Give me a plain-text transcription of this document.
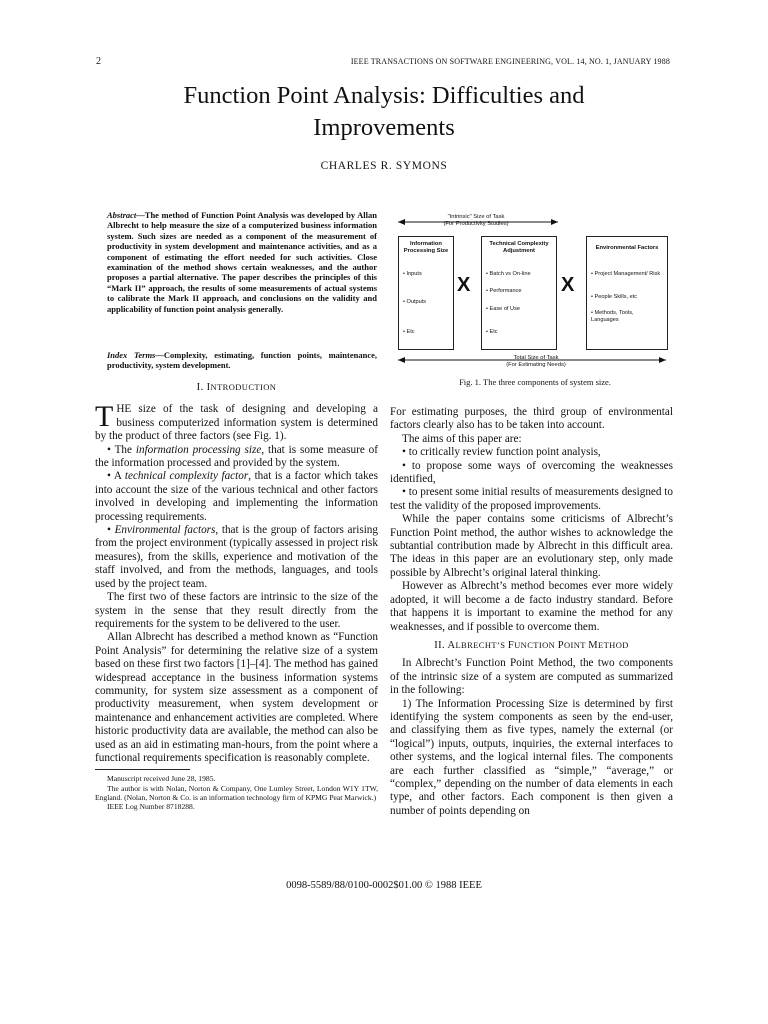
2	IEEE TRANSACTIONS ON SOFTWARE ENGINEERING, VOL. 14, NO. 1, JANUARY 1988
Function Point Analysis: Difficulties and
Improvements
CHARLES R. SYMONS
Abstract—The method of Function Point Analysis was developed by Allan Albrecht to help measure the size of a computerized business information system. Such sizes are needed as a component of the measurement of productivity in system development and maintenance activities, and as a component of estimating the effort needed for such activities. Close examination of the method shows certain weaknesses, and the author proposes a partial alternative. The paper describes the principles of this “Mark II” approach, the results of some measurements of actual systems to calibrate the Mark II approach, and conclusions on the validity and applicability of function point analysis generally.
Index Terms—Complexity, estimating, function points, maintenance, productivity, system development.

I. INTRODUCTION

THE size of the task of designing and developing a business computerized information system is determined by the product of three factors (see Fig. 1).

• The information processing size, that is some measure of the information processed and provided by the system.

• A technical complexity factor, that is a factor which takes into account the size of the various technical and other factors involved in developing and implementing the information processing requirements.

• Environmental factors, that is the group of factors arising from the project environment (typically assessed in project risk measures), from the skills, experience and motivation of the staff involved, and from the methods, languages, and tools used by the project team.

The first two of these factors are intrinsic to the size of the system in the sense that they result directly from the requirements for the system to be delivered to the user.

Allan Albrecht has described a method known as “Function Point Analysis” for determining the relative size of a system based on these first two factors [1]–[4]. The method has gained widespread acceptance in the business information systems community, for system size assessment as a component of productivity measurement, when system development or maintenance and enhancement activities are completed. Where historic productivity data are available, the method can also be used as an aid in estimating man-hours, from the point where a functional requirements specification is reasonably complete.

Manuscript received June 28, 1985.

The author is with Nolan, Norton & Company, One Lumley Street, London W1Y 1TW, England. (Nolan, Norton & Co. is an information technology firm of KPMG Peat Marwick.)

IEEE Log Number 8718288.

"Intrinsic" Size of Task
(For Productivity Studies)
Information Processing Size
• Inputs
• Outputs
• Etc
X
Technical Complexity Adjustment
• Batch vs On-line
• Performance
• Ease of Use
• Etc
X
Environmental Factors
• Project Management/ Risk
• People Skills, etc
• Methods, Tools, Languages
Total Size of Task
(For Estimating Needs)
Fig. 1. The three components of system size.

For estimating purposes, the third group of environmental factors clearly also has to be taken into account.

The aims of this paper are:

• to critically review function point analysis,

• to propose some ways of overcoming the weaknesses identified,

• to present some initial results of measurements designed to test the validity of the proposed improvements.

While the paper contains some criticisms of Albrecht’s Function Point method, the author wishes to acknowledge the subtantial contribution made by Albrecht in this difficult area. The ideas in this paper are an evolutionary step, only made possible by Albrecht’s original lateral thinking.

However as Albrecht’s method becomes ever more widely adopted, it will become a de facto industry standard. Before that happens it is important to examine the method for any weaknesses, and if possible to overcome them.

II. ALBRECHT’S FUNCTION POINT METHOD

In Albrecht’s Function Point Method, the two components of the intrinsic size of a system are computed as summarized in the following:

1) The Information Processing Size is determined by first identifying the system components as seen by the end-user, and classifying them as five types, namely the external (or “logical”) inputs, outputs, inquiries, the external interfaces to other systems, and the logical internal files. The components are each further classified as “simple,” “average,” or “complex,” depending on the number of data elements in each type, and other factors. Each component is then given a number of points depending on

0098-5589/88/0100-0002$01.00 © 1988 IEEE
